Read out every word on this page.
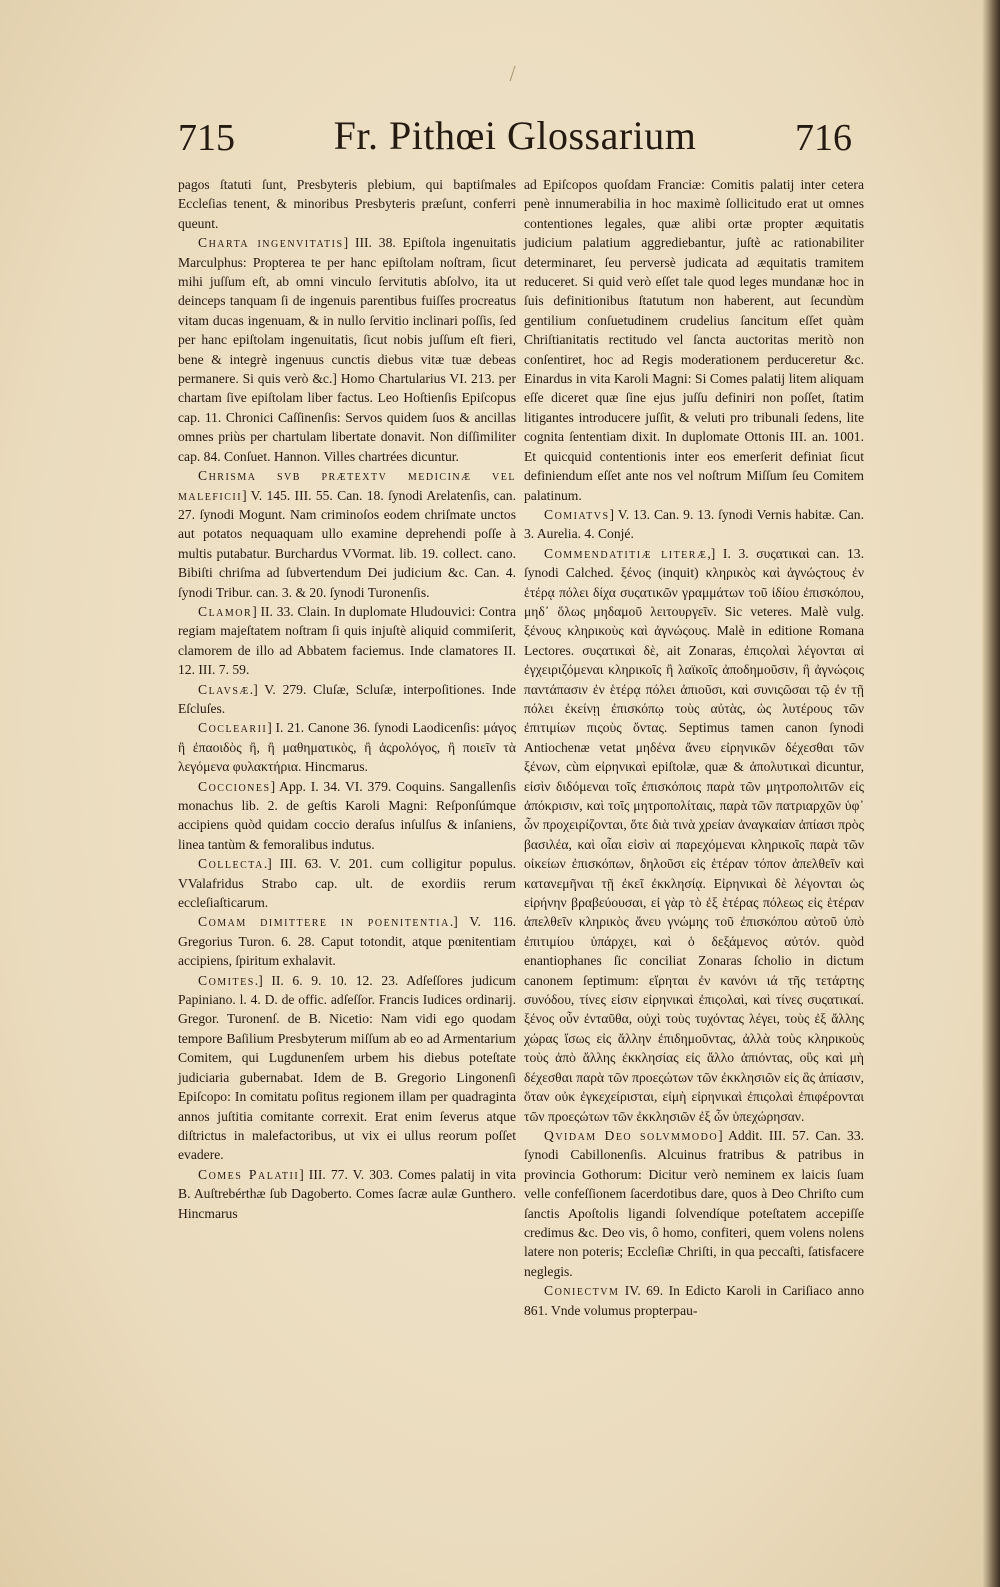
715	Fr. Pithœi Glossarium	716

pagos ſtatuti ſunt, Presbyteris plebium, qui baptiſmales Eccleſias tenent, & minoribus Presbyteris præſunt, conferri queunt.

Charta ingenvitatis] III. 38. Epiſtola ingenuitatis Marculphus: Propterea te per hanc epiſtolam noſtram, ſicut mihi juſſum eſt, ab omni vinculo ſervitutis abſolvo, ita ut deinceps tanquam ſi de ingenuis parentibus fuiſſes procreatus vitam ducas ingenuam, & in nullo ſervitio inclinari poſſis, ſed per hanc epiſtolam ingenuitatis, ſicut nobis juſſum eſt fieri, bene & integrè ingenuus cunctis diebus vitæ tuæ debeas permanere. Si quis verò &c.] Homo Chartularius VI. 213. per chartam ſive epiſtolam liber factus. Leo Hoſtienſis Epiſcopus cap. 11. Chronici Caſſinenſis: Servos quidem ſuos & ancillas omnes priùs per chartulam libertate donavit. Non diſſimiliter cap. 84. Conſuet. Hannon. Villes chartrées dicuntur.

Chrisma svb prætextv medicinæ vel maleficii] V. 145. III. 55. Can. 18. ſynodi Arelatenſis, can. 27. ſynodi Mogunt. Nam criminoſos eodem chriſmate unctos aut potatos nequaquam ullo examine deprehendi poſſe à multis putabatur. Burchardus VVormat. lib. 19. collect. cano. Bibiſti chriſma ad ſubvertendum Dei judicium &c. Can. 4. ſynodi Tribur. can. 3. & 20. ſynodi Turonenſis.

Clamor] II. 33. Clain. In duplomate Hludouvici: Contra regiam majeſtatem noſtram ſi quis injuſtè aliquid commiſerit, clamorem de illo ad Abbatem faciemus. Inde clamatores II. 12. III. 7. 59.

Clavsæ.] V. 279. Cluſæ, Scluſæ, interpoſitiones. Inde Eſcluſes.

Coclearii] I. 21. Canone 36. ſynodi Laodicenſis: μάγος ἢ ἐπαοιδὸς ἢ, ἢ μαθηματικὸς, ἢ ἀςρολόγος, ἢ ποιεῖν τὰ λεγόμενα φυλακτήρια. Hincmarus.

Cocciones] App. I. 34. VI. 379. Coquins. Sangallenſis monachus lib. 2. de geſtis Karoli Magni: Reſponſúmque accipiens quòd quidam coccio deraſus inſulſus & inſaniens, linea tantùm & femoralibus indutus.

Collecta.] III. 63. V. 201. cum colligitur populus. VValafridus Strabo cap. ult. de exordiis rerum eccleſiaſticarum.

Comam dimittere in poenitentia.] V. 116. Gregorius Turon. 6. 28. Caput totondit, atque pœnitentiam accipiens, ſpiritum exhalavit.

Comites.] II. 6. 9. 10. 12. 23. Adſeſſores judicum Papiniano. l. 4. D. de offic. adſeſſor. Francis Iudices ordinarij. Gregor. Turonenſ. de B. Nicetio: Nam vidi ego quodam tempore Baſilium Presbyterum miſſum ab eo ad Armentarium Comitem, qui Lugdunenſem urbem his diebus poteſtate judiciaria gubernabat. Idem de B. Gregorio Lingonenſi Epiſcopo: In comitatu poſitus regionem illam per quadraginta annos juſtitia comitante correxit. Erat enim ſeverus atque diſtrictus in malefactoribus, ut vix ei ullus reorum poſſet evadere.

Comes Palatii] III. 77. V. 303. Comes palatij in vita B. Auſtrebérthæ ſub Dagoberto. Comes ſacræ aulæ Gunthero. Hincmarus

ad Epiſcopos quoſdam Franciæ: Comitis palatij inter cetera penè innumerabilia in hoc maximè ſollicitudo erat ut omnes contentiones legales, quæ alibi ortæ propter æquitatis judicium palatium aggrediebantur, juſtè ac rationabiliter determinaret, ſeu perversè judicata ad æquitatis tramitem reduceret. Si quid verò eſſet tale quod leges mundanæ hoc in ſuis definitionibus ſtatutum non haberent, aut ſecundùm gentilium conſuetudinem crudelius ſancitum eſſet quàm Chriſtianitatis rectitudo vel ſancta auctoritas meritò non conſentiret, hoc ad Regis moderationem perduceretur &c. Einardus in vita Karoli Magni: Si Comes palatij litem aliquam eſſe diceret quæ ſine ejus juſſu definiri non poſſet, ſtatim litigantes introducere juſſit, & veluti pro tribunali ſedens, lite cognita ſententiam dixit. In duplomate Ottonis III. an. 1001. Et quicquid contentionis inter eos emerſerit definiat ſicut definiendum eſſet ante nos vel noſtrum Miſſum ſeu Comitem palatinum.

Comiatvs] V. 13. Can. 9. 13. ſynodi Vernis habitæ. Can. 3. Aurelia. 4. Conjé.

Commendatitiæ literæ,] I. 3. συςατικαὶ can. 13. ſynodi Calched. ξένος (inquit) κληρικὸς καὶ ἀγνώςτους ἐν ἑτέρᾳ πόλει δίχα συςατικῶν γραμμάτων τοῦ ἰδίου ἐπισκόπου, μηδ᾿ ὅλως μηδαμοῦ λειτουργεῖν. Sic veteres. Malè vulg. ξένους κληρικοὺς καὶ ἀγνώςους. Malè in editione Romana Lectores. συςατικαὶ δὲ, ait Zonaras, ἐπιςολαὶ λέγονται αἱ ἐγχειριζόμεναι κληρικοῖς ἢ λαϊκοῖς ἀποδημοῦσιν, ἢ ἀγνώςοις παντάπασιν ἐν ἑτέρᾳ πόλει ἀπιοῦσι, καὶ συνιςῶσαι τῷ ἐν τῇ πόλει ἐκείνῃ ἐπισκόπῳ τοὺς αὐτὰς, ὡς λυτέρους τῶν ἐπιτιμίων πιςοὺς ὄντας. Septimus tamen canon ſynodi Antiochenæ vetat μηδένα ἄνευ εἰρηνικῶν δέχεσθαι τῶν ξένων, cùm eἰρηνικαὶ epiſtolæ, quæ & ἀπολυτικαὶ dicuntur, εἰσὶν διδόμεναι τοῖς ἐπισκόποις παρὰ τῶν μητροπολιτῶν εἰς ἀπόκρισιν, καὶ τοῖς μητροπολίταις, παρὰ τῶν πατριαρχῶν ὑφ᾿ ὧν προχειρίζονται, ὅτε διὰ τινὰ χρείαν ἀναγκαίαν ἀπίασι πρὸς βασιλέα, καὶ οἷαι εἰσὶν αἱ παρεχόμεναι κληρικοῖς παρὰ τῶν οἰκείων ἐπισκόπων, δηλοῦσι εἰς ἑτέραν τόπον ἀπελθεῖν καὶ κατανεμῆναι τῇ ἐκεῖ ἐκκλησίᾳ. Εἰρηνικαὶ δὲ λέγονται ὡς εἰρήνην βραβεύουσαι, εἰ γὰρ τὸ ἐξ ἑτέρας πόλεως εἰς ἑτέραν ἀπελθεῖν κληρικὸς ἄνευ γνώμης τοῦ ἐπισκόπου αὐτοῦ ὑπὸ ἐπιτιμίου ὑπάρχει, καὶ ὁ δεξάμενος αὐτόν. quòd enantiophanes ſic conciliat Zonaras ſcholio in dictum canonem ſeptimum: εἴρηται ἐν κανόνι ιά τῆς τετάρτης συνόδου, τίνες εἰσιν εἰρηνικαὶ ἐπιςολαὶ, καὶ τίνες συςατικαί. ξένος οὖν ἐνταῦθα, οὐχὶ τοὺς τυχόντας λέγει, τοὺς ἐξ ἄλλης χώρας ἴσως εἰς ἄλλην ἐπιδημοῦντας, ἀλλὰ τοὺς κληρικοὺς τοὺς ἀπὸ ἄλλης ἐκκλησίας εἰς ἄλλο ἀπιόντας, οὓς καὶ μὴ δέχεσθαι παρὰ τῶν προεςώτων τῶν ἐκκλησιῶν εἰς ἃς ἀπίασιν, ὅταν οὐκ ἐγκεχείρισται, εἰμὴ εἰρηνικαὶ ἐπιςολαὶ ἐπιφέρονται τῶν προεςώτων τῶν ἐκκλησιῶν ἐξ ὧν ὑπεχώρησαν.

Qvidam Deo solvmmodo] Addit. III. 57. Can. 33. ſynodi Cabillonenſis. Alcuinus fratribus & patribus in provincia Gothorum: Dicitur verò neminem ex laicis ſuam velle confeſſionem ſacerdotibus dare, quos à Deo Chriſto cum ſanctis Apoſtolis ligandi ſolvendíque poteſtatem accepiſſe credimus &c. Deo vis, ô homo, confiteri, quem volens nolens latere non poteris; Eccleſiæ Chriſti, in qua peccaſti, ſatisfacere neglegis.

Coniectvm IV. 69. In Edicto Karoli in Cariſiaco anno 861. Vnde volumus propterpau-
